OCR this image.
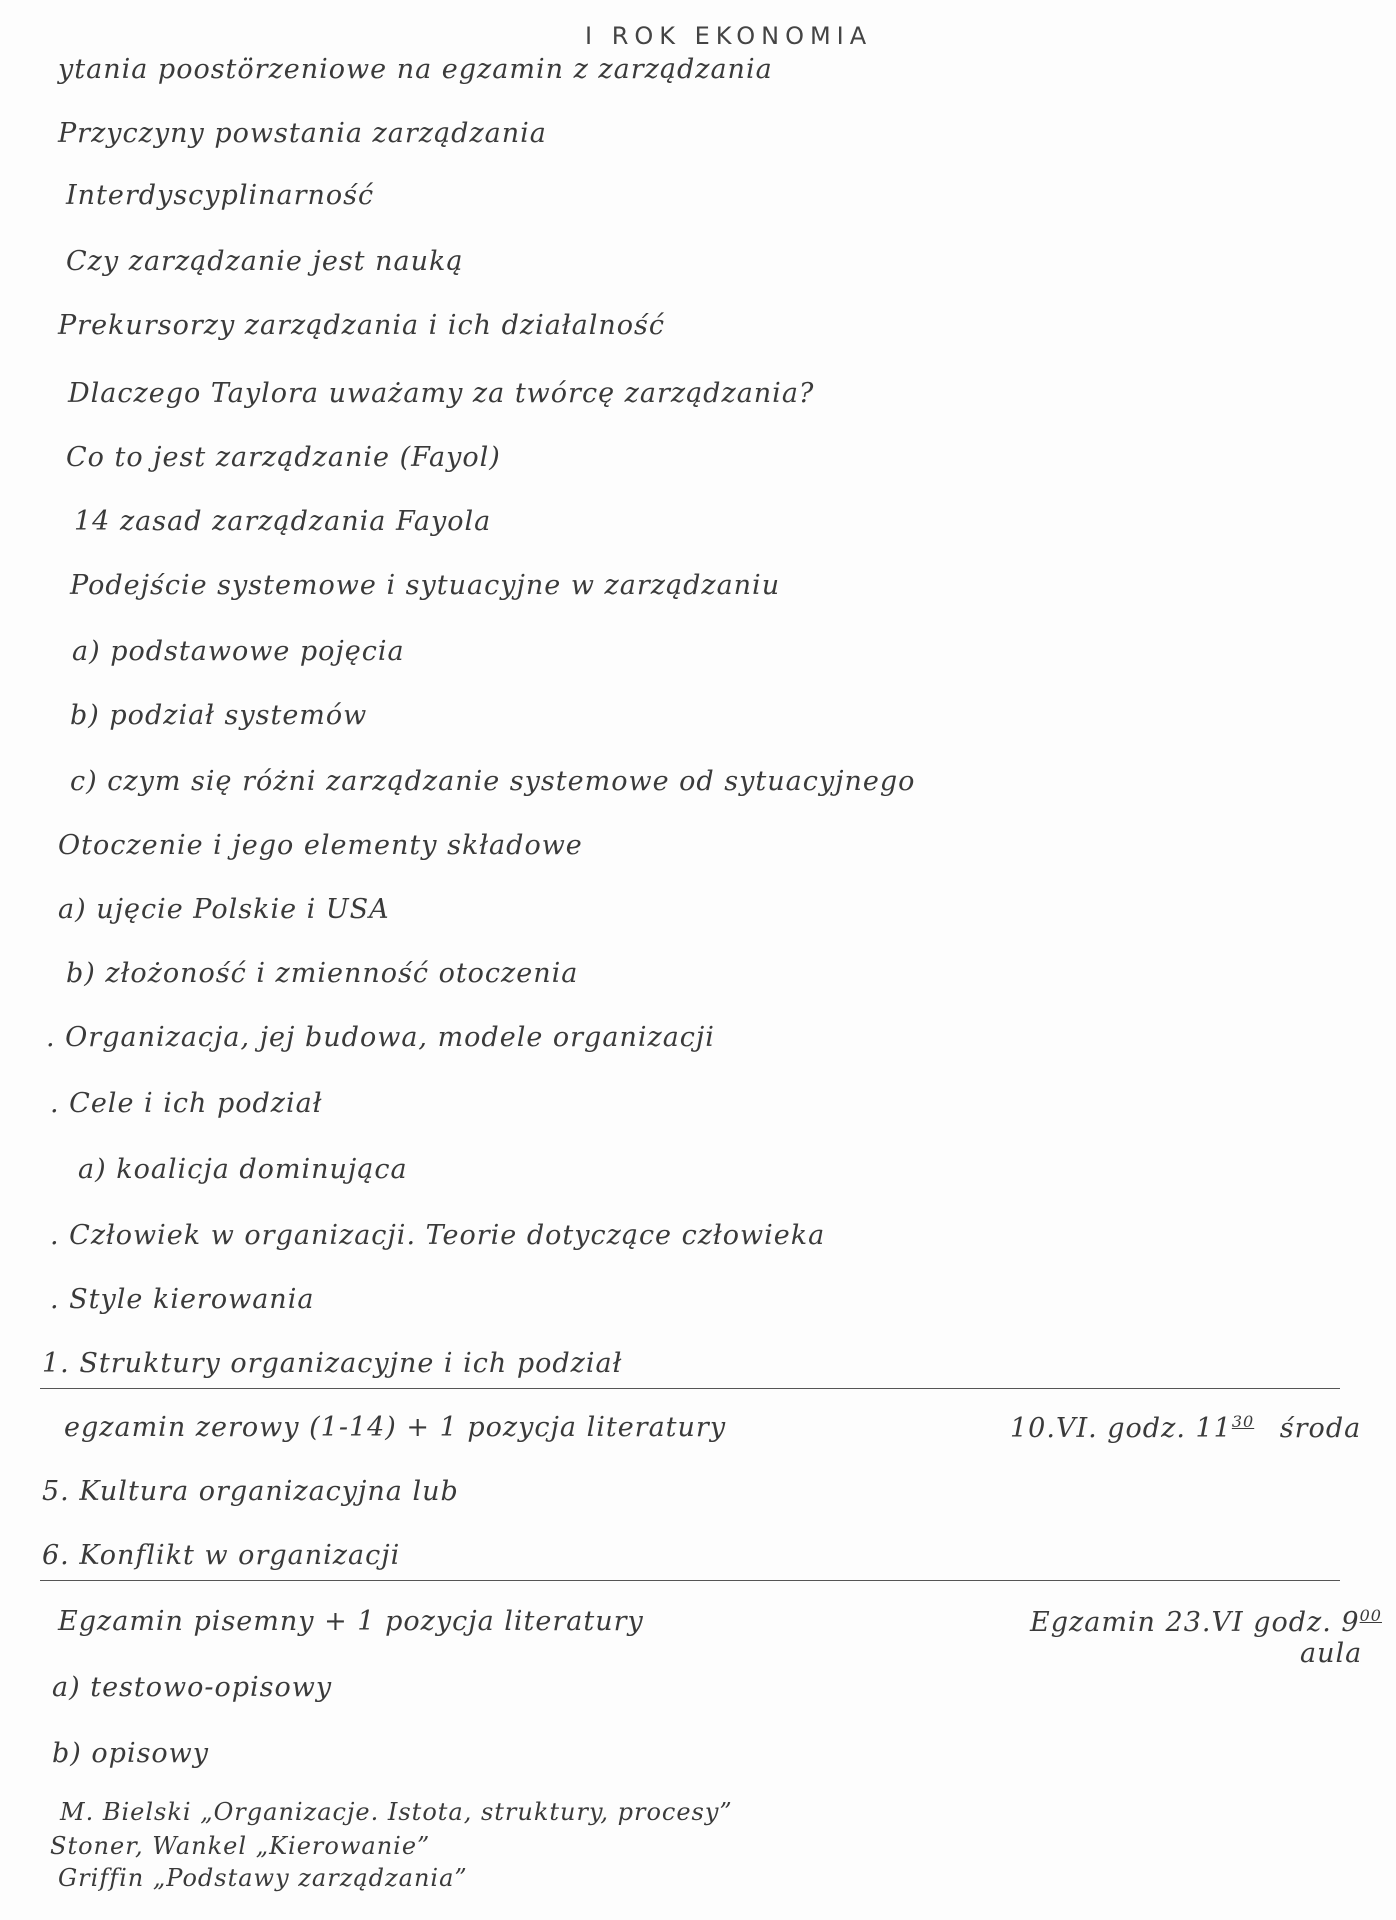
I ROK EKONOMIA
ytania poostörzeniowe na egzamin z zarządzania
Przyczyny powstania zarządzania
Interdyscyplinarność
Czy zarządzanie jest nauką
Prekursorzy zarządzania i ich działalność
Dlaczego Taylora uważamy za twórcę zarządzania?
Co to jest zarządzanie (Fayol)
14 zasad zarządzania Fayola
Podejście systemowe i sytuacyjne w zarządzaniu
a) podstawowe pojęcia
b) podział systemów
c) czym się różni zarządzanie systemowe od sytuacyjnego
Otoczenie i jego elementy składowe
a) ujęcie Polskie i USA
b) złożoność i zmienność otoczenia
. Organizacja, jej budowa, modele organizacji
. Cele i ich podział
a) koalicja dominująca
. Człowiek w organizacji. Teorie dotyczące człowieka
. Style kierowania
1. Struktury organizacyjne i ich podział
egzamin zerowy (1-14) + 1 pozycja literatury	10.VI. godz. $11^{30}$ środa
5. Kultura organizacyjna lub
6. Konflikt w organizacji
Egzamin pisemny + 1 pozycja literatury	Egzamin 23.VI godz. $9^{00}$
aula
a) testowo-opisowy
b) opisowy
M. Bielski „Organizacje. Istota, struktury, procesy”
Stoner, Wankel „Kierowanie”
Griffin „Podstawy zarządzania”
